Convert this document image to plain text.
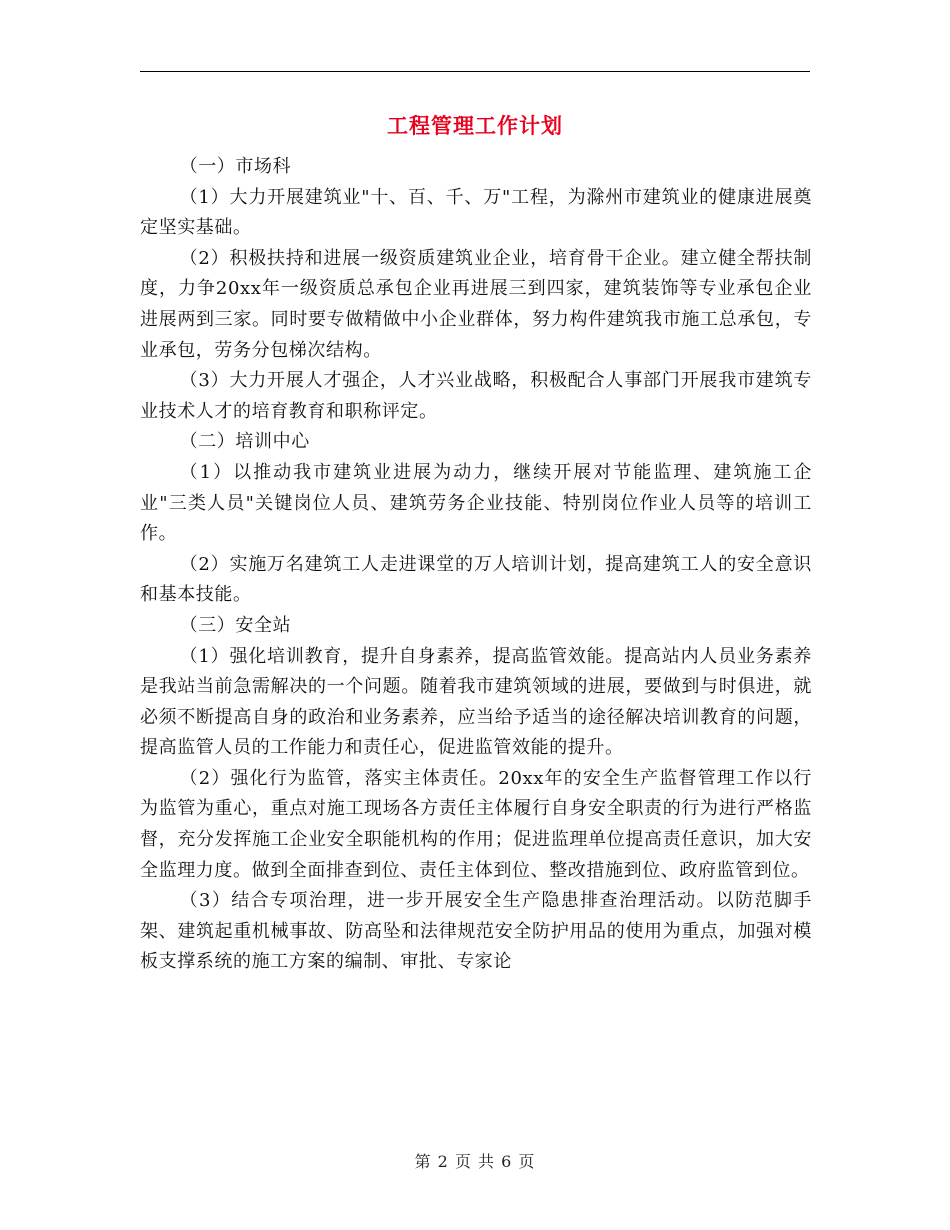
工程管理工作计划

（一）市场科

（1）大力开展建筑业"十、百、千、万"工程，为滁州市建筑业的健康进展奠定坚实基础。

（2）积极扶持和进展一级资质建筑业企业，培育骨干企业。建立健全帮扶制度，力争20xx年一级资质总承包企业再进展三到四家，建筑装饰等专业承包企业进展两到三家。同时要专做精做中小企业群体，努力构件建筑我市施工总承包，专业承包，劳务分包梯次结构。

（3）大力开展人才强企，人才兴业战略，积极配合人事部门开展我市建筑专业技术人才的培育教育和职称评定。

（二）培训中心

（1）以推动我市建筑业进展为动力，继续开展对节能监理、建筑施工企业"三类人员"关键岗位人员、建筑劳务企业技能、特别岗位作业人员等的培训工作。

（2）实施万名建筑工人走进课堂的万人培训计划，提高建筑工人的安全意识和基本技能。

（三）安全站

（1）强化培训教育，提升自身素养，提高监管效能。提高站内人员业务素养是我站当前急需解决的一个问题。随着我市建筑领域的进展，要做到与时俱进，就必须不断提高自身的政治和业务素养，应当给予适当的途径解决培训教育的问题，提高监管人员的工作能力和责任心，促进监管效能的提升。

（2）强化行为监管，落实主体责任。20xx年的安全生产监督管理工作以行为监管为重心，重点对施工现场各方责任主体履行自身安全职责的行为进行严格监督，充分发挥施工企业安全职能机构的作用；促进监理单位提高责任意识，加大安全监理力度。做到全面排查到位、责任主体到位、整改措施到位、政府监管到位。

（3）结合专项治理，进一步开展安全生产隐患排查治理活动。以防范脚手架、建筑起重机械事故、防高坠和法律规范安全防护用品的使用为重点，加强对模板支撑系统的施工方案的编制、审批、专家论

第 2 页 共 6 页
